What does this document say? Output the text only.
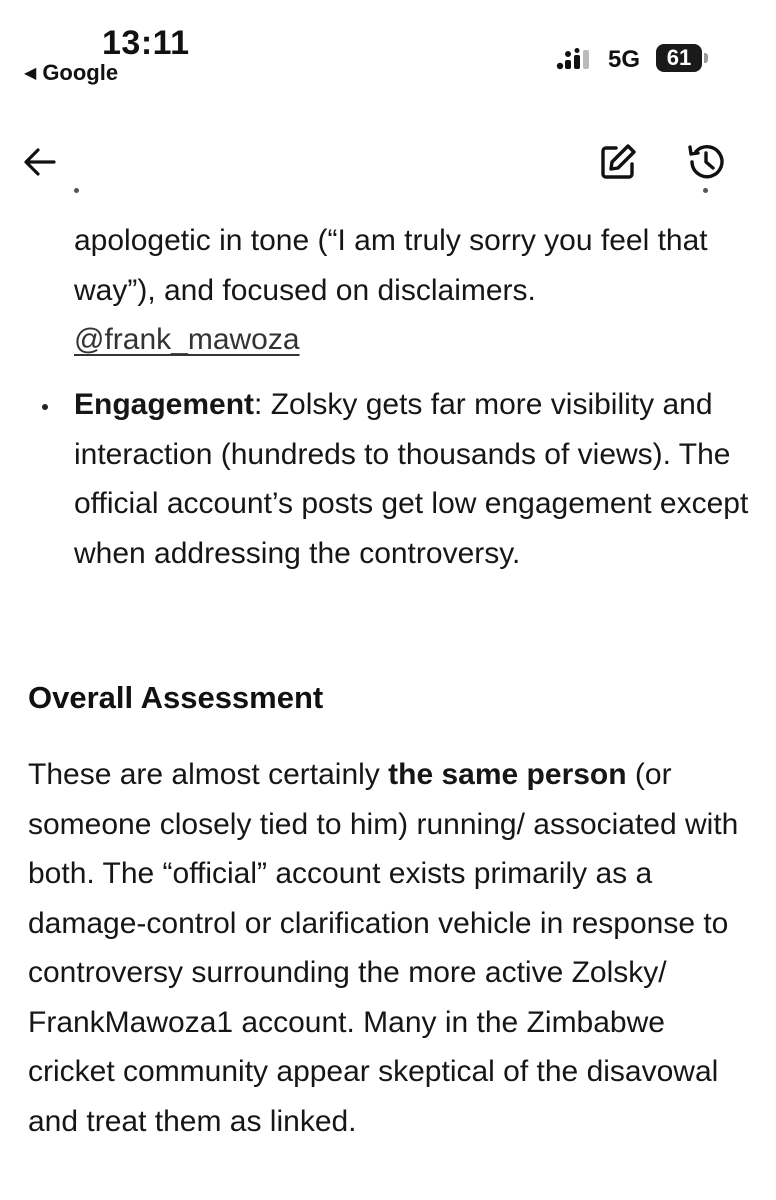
13:11
◀ Google	5G 61
apologetic in tone (“I am truly sorry you feel that way”), and focused on disclaimers.
@frank_mawoza
Engagement: Zolsky gets far more visibility and interaction (hundreds to thousands of views). The official account’s posts get low engagement except when addressing the controversy.
Overall Assessment
These are almost certainly the same person (or someone closely tied to him) running/ associated with both. The “official” account exists primarily as a damage-control or clarification vehicle in response to controversy surrounding the more active Zolsky/ FrankMawoza1 account. Many in the Zimbabwe cricket community appear skeptical of the disavowal and treat them as linked.
